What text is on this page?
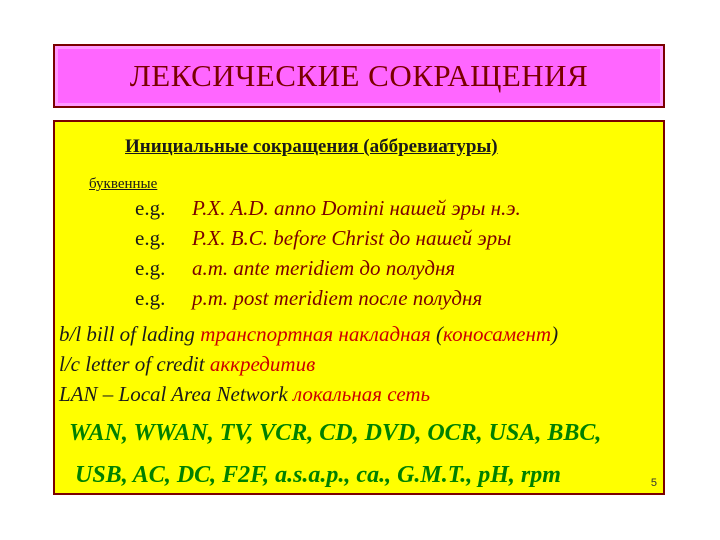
ЛЕКСИЧЕСКИЕ СОКРАЩЕНИЯ
Инициальные сокращения (аббревиатуры)
буквенные
e.g. P.X. A.D. anno Domini нашей эры н.э.
e.g. P.X. B.C. before Christ до нашей эры
e.g. a.m. ante meridiem до полудня
e.g. p.m. post meridiem после полудня
b/l bill of lading транспортная накладная (коносамент)
l/c letter of credit аккредитив
LAN – Local Area Network локальная сеть
WAN, WWAN, TV, VCR, CD, DVD, OCR, USA, BBC,
USB, AC, DC, F2F, a.s.a.p., ca., G.M.T., pH, rpm	5
